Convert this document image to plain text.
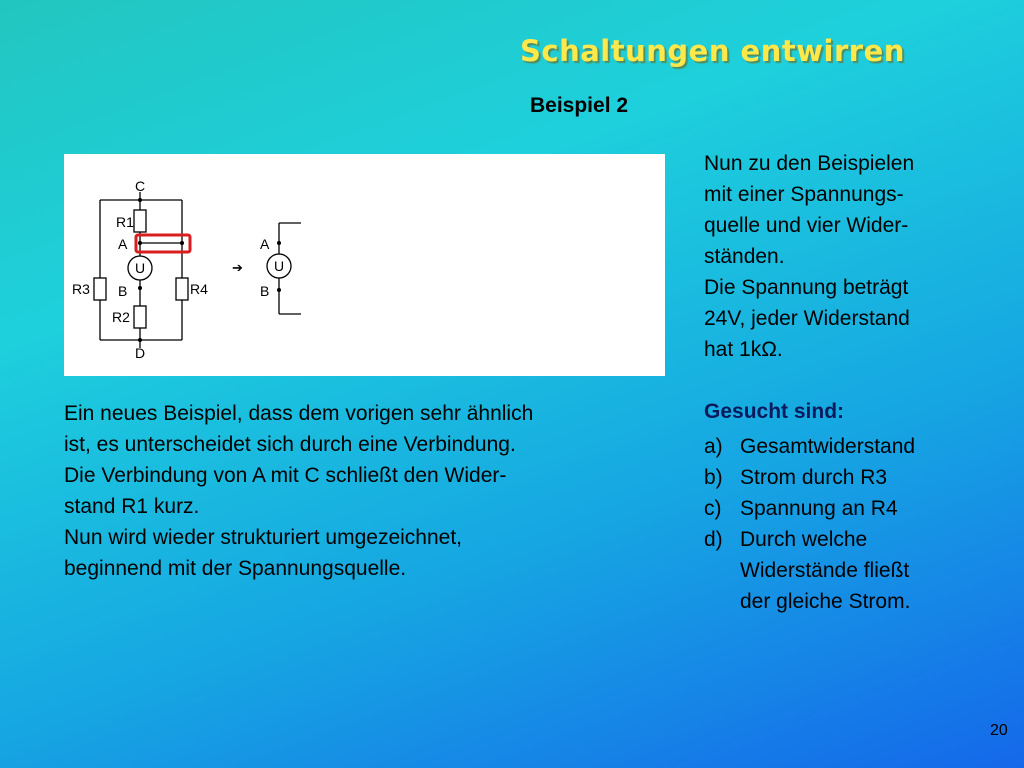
Schaltungen entwirren
Beispiel 2
C
R1
A
U
B
R3	R4
R2
D
➔
A
U
B
Nun zu den Beispielen
mit einer Spannungs-
quelle und vier Wider-
ständen.
Die Spannung beträgt
24V, jeder Widerstand
hat 1kΩ.
Ein neues Beispiel, dass dem vorigen sehr ähnlich
ist, es unterscheidet sich durch eine Verbindung.
Die Verbindung von A mit C schließt den Wider-
stand R1 kurz.
Nun wird wieder strukturiert umgezeichnet,
beginnend mit der Spannungsquelle.
Gesucht sind:
a) Gesamtwiderstand
b) Strom durch R3
c) Spannung an R4
d) Durch welche
Widerstände fließt
der gleiche Strom.
20
